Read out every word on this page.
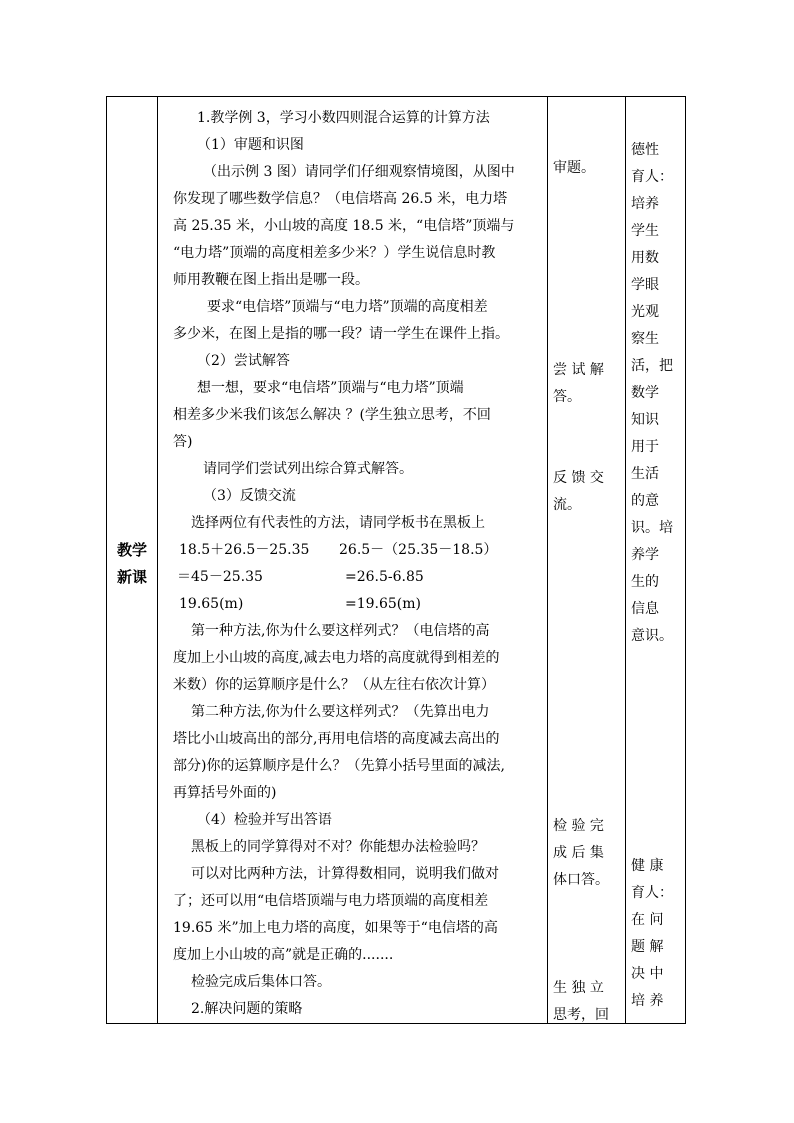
教学
新课
1.教学例 3，学习小数四则混合运算的计算方法
（1）审题和识图
（出示例 3 图）请同学们仔细观察情境图，从图中
你发现了哪些数学信息？（电信塔高 26.5 米，电力塔
高 25.35 米，小山坡的高度 18.5 米，“电信塔”顶端与
“电力塔”顶端的高度相差多少米？）学生说信息时教
师用教鞭在图上指出是哪一段。
要求“电信塔”顶端与“电力塔”顶端的高度相差
多少米，在图上是指的哪一段？请一学生在课件上指。
（2）尝试解答
想一想，要求“电信塔”顶端与“电力塔”顶端
相差多少米我们该怎么解决 ？(学生独立思考，不回
答)
请同学们尝试列出综合算式解答。
（3）反馈交流
选择两位有代表性的方法，请同学板书在黑板上
18.5＋26.5－25.35 26.5－（25.35－18.5）
＝45－25.35	=26.5-6.85
19.65(m)	=19.65(m)
第一种方法,你为什么要这样列式？（电信塔的高
度加上小山坡的高度,减去电力塔的高度就得到相差的
米数）你的运算顺序是什么？（从左往右依次计算）
第二种方法,你为什么要这样列式？（先算出电力
塔比小山坡高出的部分,再用电信塔的高度减去高出的
部分)你的运算顺序是什么？（先算小括号里面的减法,
再算括号外面的)
（4）检验并写出答语
黑板上的同学算得对不对？你能想办法检验吗？
可以对比两种方法，计算得数相同，说明我们做对
了；还可以用“电信塔顶端与电力塔顶端的高度相差
19.65 米”加上电力塔的高度，如果等于“电信塔的高
度加上小山坡的高”就是正确的.......
检验完成后集体口答。
2.解决问题的策略
审题。
尝 试 解
答。
反 馈 交
流。
检 验 完
成 后 集
体口答。
生 独 立
思考，回
德性
育人：
培养
学生
用数
学眼
光观
察生
活，把
数学
知识
用于
生活
的意
识。培
养学
生的
信息
意识。
健 康
育人：
在 问
题 解
决 中
培 养
